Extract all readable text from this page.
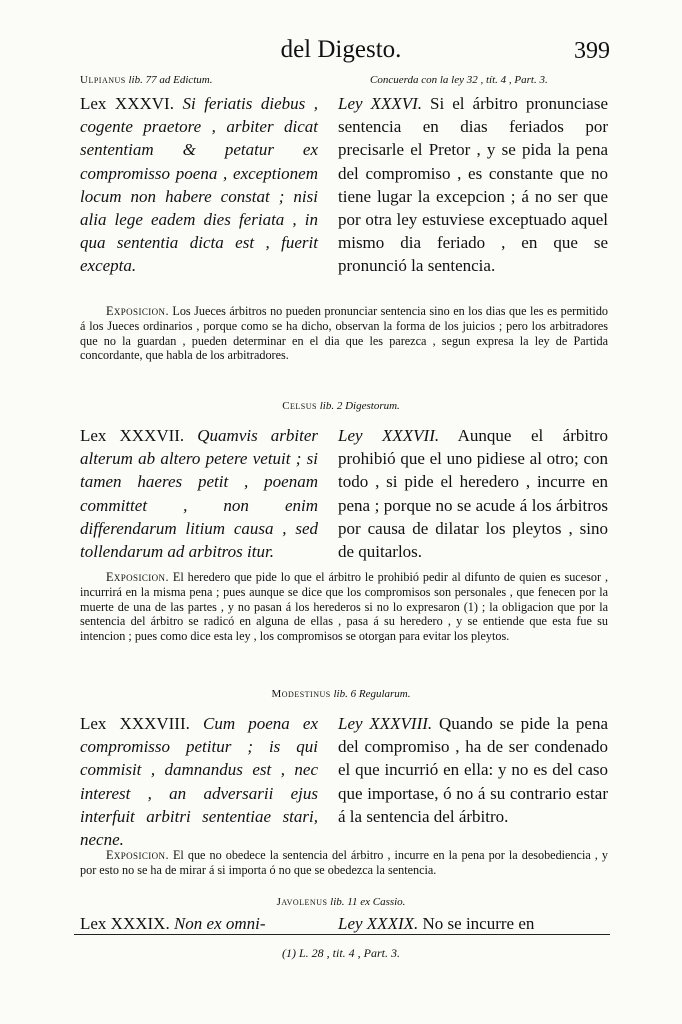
del Digesto.	399
Ulpianus lib. 77 ad Edictum.	Concuerda con la ley 32 , tít. 4 , Part. 3.
Lex XXXVI. Si feriatis diebus , cogente praetore , arbiter dicat sententiam & petatur ex compromisso poena , exceptionem locum non habere constat ; nisi alia lege eadem dies feriata , in qua sententia dicta est , fuerit excepta.
Ley XXXVI. Si el árbitro pronunciase sentencia en dias feriados por precisarle el Pretor , y se pida la pena del compromiso , es constante que no tiene lugar la excepcion ; á no ser que por otra ley estuviese exceptuado aquel mismo dia feriado , en que se pronunció la sentencia.
Exposicion. Los Jueces árbitros no pueden pronunciar sentencia sino en los dias que les es permitido á los Jueces ordinarios , porque como se ha dicho, observan la forma de los juicios ; pero los arbitradores que no la guardan , pueden determinar en el dia que les parezca , segun expresa la ley de Partida concordante, que habla de los arbitradores.
Celsus lib. 2 Digestorum.
Lex XXXVII. Quamvis arbiter alterum ab altero petere vetuit ; si tamen haeres petit , poenam committet , non enim differendarum litium causa , sed tollendarum ad arbitros itur.
Ley XXXVII. Aunque el árbitro prohibió que el uno pidiese al otro; con todo , si pide el heredero , incurre en pena ; porque no se acude á los árbitros por causa de dilatar los pleytos , sino de quitarlos.
Exposicion. El heredero que pide lo que el árbitro le prohibió pedir al difunto de quien es sucesor , incurrirá en la misma pena ; pues aunque se dice que los compromisos son personales , que fenecen por la muerte de una de las partes , y no pasan á los herederos si no lo expresaron (1) ; la obligacion que por la sentencia del árbitro se radicó en alguna de ellas , pasa á su heredero , y se entiende que esta fue su intencion ; pues como dice esta ley , los compromisos se otorgan para evitar los pleytos.
Modestinus lib. 6 Regularum.
Lex XXXVIII. Cum poena ex compromisso petitur ; is qui commisit , damnandus est , nec interest , an adversarii ejus interfuit arbitri sententiae stari, necne.
Ley XXXVIII. Quando se pide la pena del compromiso , ha de ser condenado el que incurrió en ella: y no es del caso que importase, ó no á su contrario estar á la sentencia del árbitro.
Exposicion. El que no obedece la sentencia del árbitro , incurre en la pena por la desobediencia , y por esto no se ha de mirar á si importa ó no que se obedezca la sentencia.
Javolenus lib. 11 ex Cassio.
Lex XXXIX. Non ex omni-	Ley XXXIX. No se incurre en
(1) L. 28 , tit. 4 , Part. 3.
